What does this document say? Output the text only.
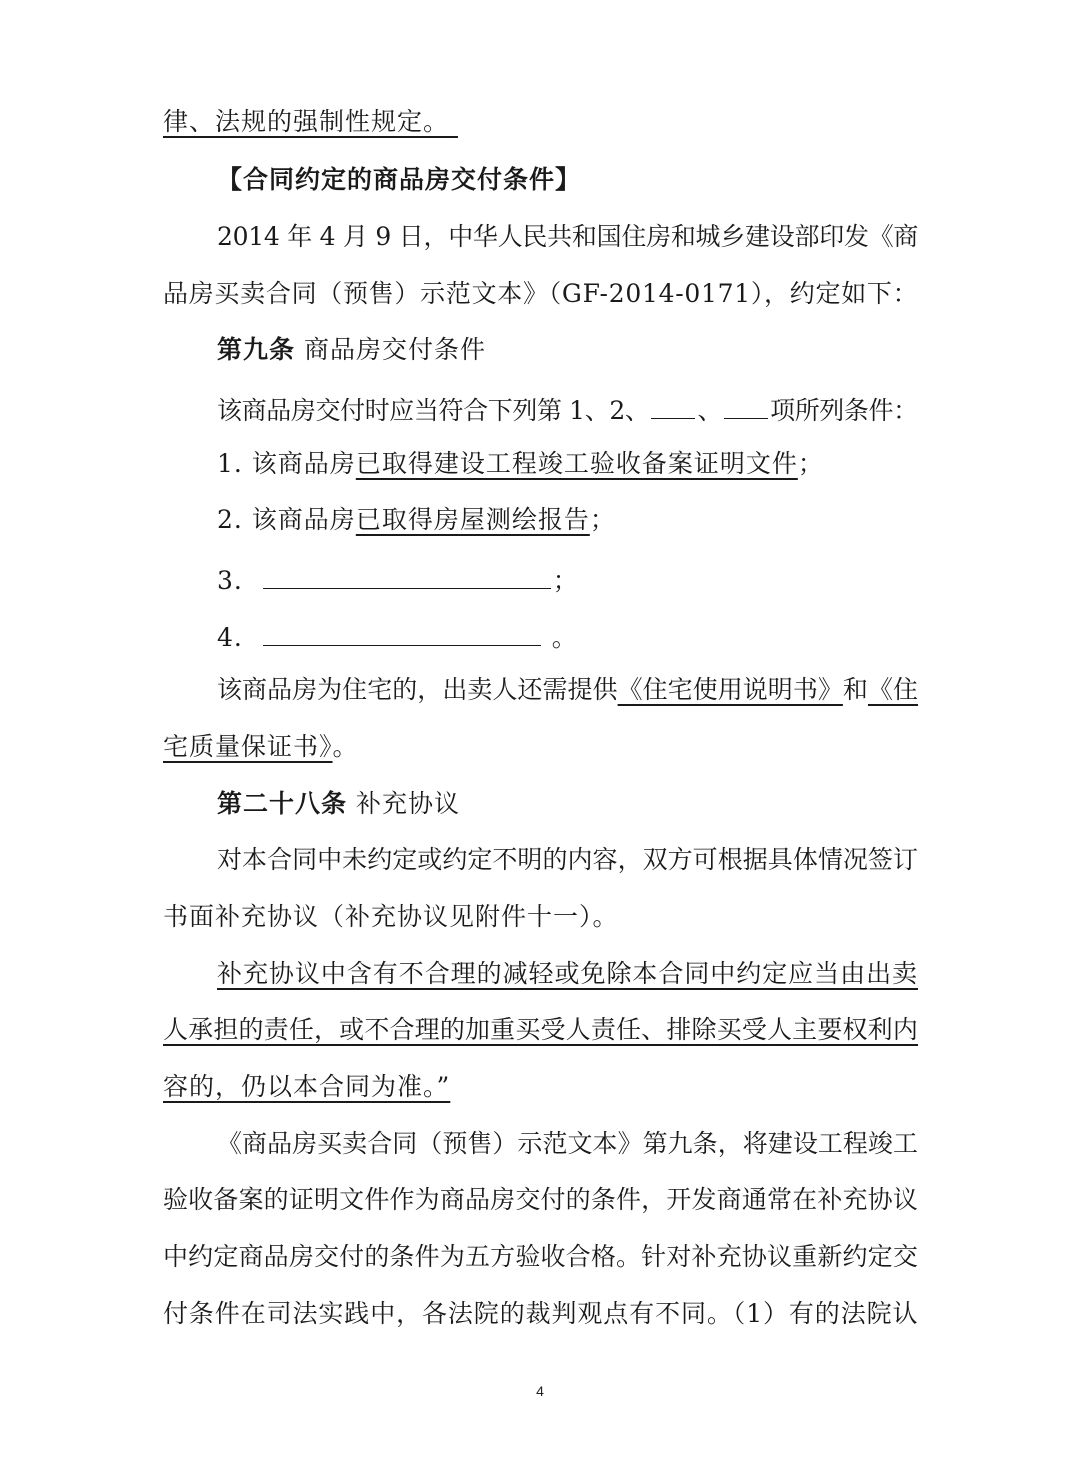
律、法规的强制性规定。
【合同约定的商品房交付条件】
2014 年 4 月 9 日，中华人民共和国住房和城乡建设部印发《商
品房买卖合同（预售）示范文本》（GF-2014-0171），约定如下：
第九条 商品房交付条件
该商品房交付时应当符合下列第 1、2、 、 项所列条件：
1. 该商品房已取得建设工程竣工验收备案证明文件；
2. 该商品房已取得房屋测绘报告；
3.	；
4.	。
该商品房为住宅的，出卖人还需提供《住宅使用说明书》和《住
宅质量保证书》。
第二十八条 补充协议
对本合同中未约定或约定不明的内容，双方可根据具体情况签订
书面补充协议（补充协议见附件十一）。
补充协议中含有不合理的减轻或免除本合同中约定应当由出卖
人承担的责任，或不合理的加重买受人责任、排除买受人主要权利内
容的，仍以本合同为准。”
《商品房买卖合同（预售）示范文本》第九条，将建设工程竣工
验收备案的证明文件作为商品房交付的条件，开发商通常在补充协议
中约定商品房交付的条件为五方验收合格。针对补充协议重新约定交
付条件在司法实践中，各法院的裁判观点有不同。（1）有的法院认
4
